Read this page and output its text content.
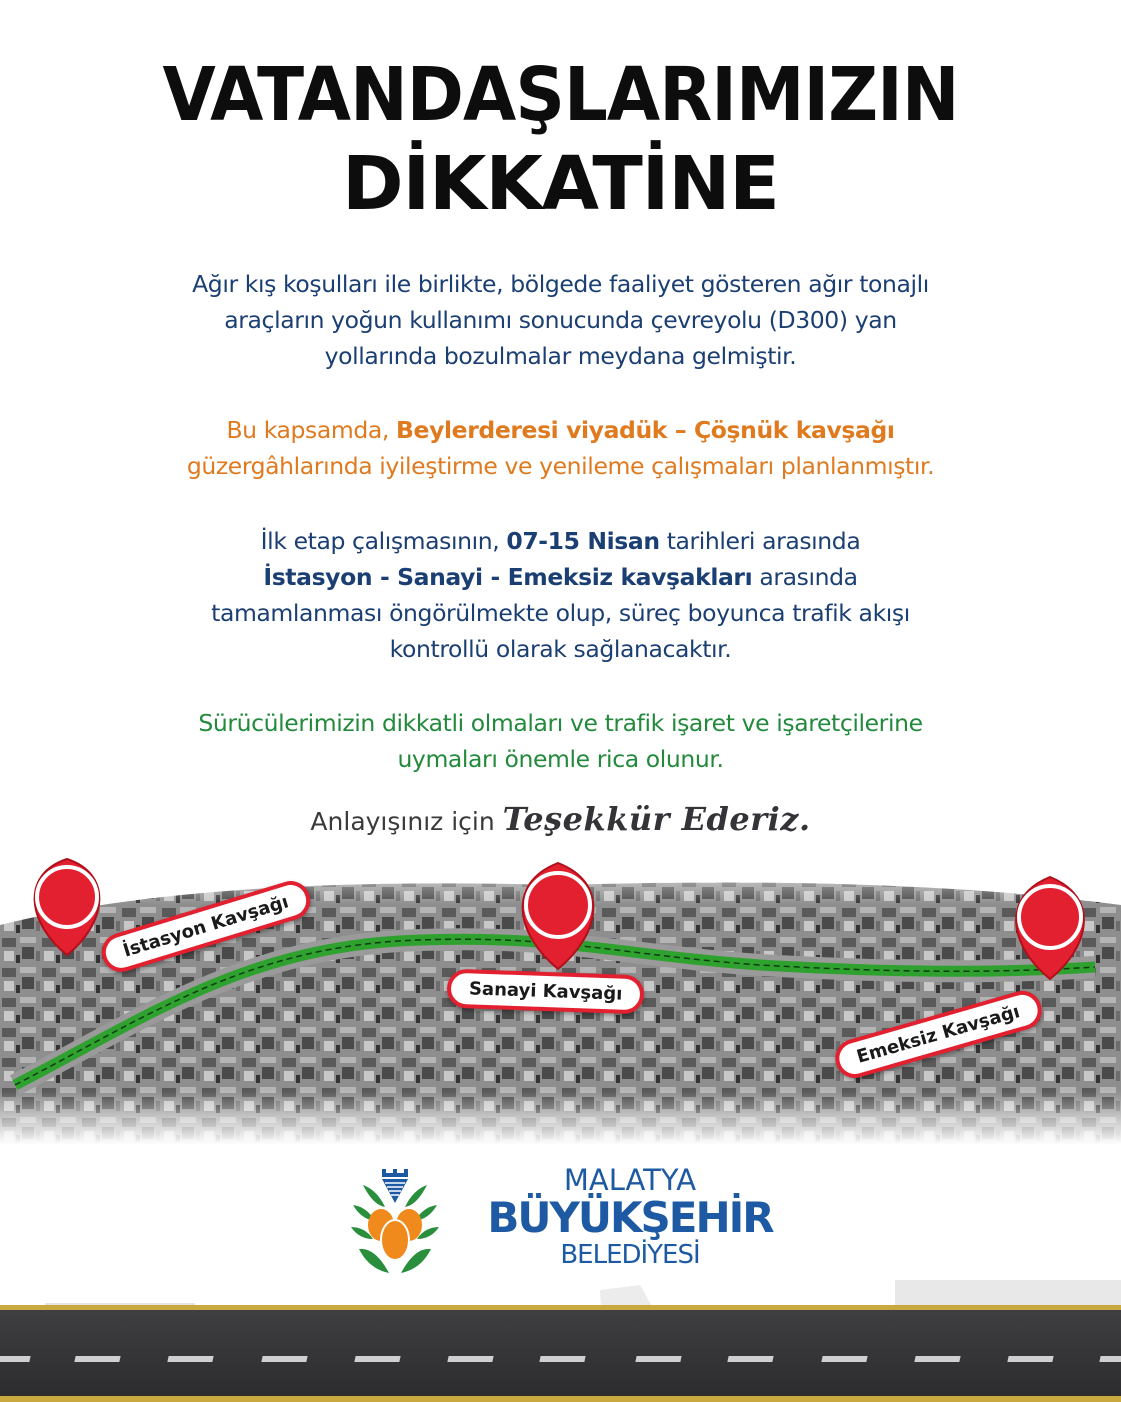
VATANDAŞLARIMIZIN
DİKKATİNE
Ağır kış koşulları ile birlikte, bölgede faaliyet gösteren ağır tonajlı
araçların yoğun kullanımı sonucunda çevreyolu (D300) yan
yollarında bozulmalar meydana gelmiştir.
Bu kapsamda, Beylerderesi viyadük – Çöşnük kavşağı
güzergâhlarında iyileştirme ve yenileme çalışmaları planlanmıştır.
İlk etap çalışmasının, 07-15 Nisan tarihleri arasında
İstasyon - Sanayi - Emeksiz kavşakları arasında
tamamlanması öngörülmekte olup, süreç boyunca trafik akışı
kontrollü olarak sağlanacaktır.
Sürücülerimizin dikkatli olmaları ve trafik işaret ve işaretçilerine
uymaları önemle rica olunur.
Anlayışınız için Teşekkür Ederiz.
İstasyon Kavşağı
Sanayi Kavşağı
Emeksiz Kavşağı
MALATYA
BÜYÜKŞEHİR
BELEDİYESİ
